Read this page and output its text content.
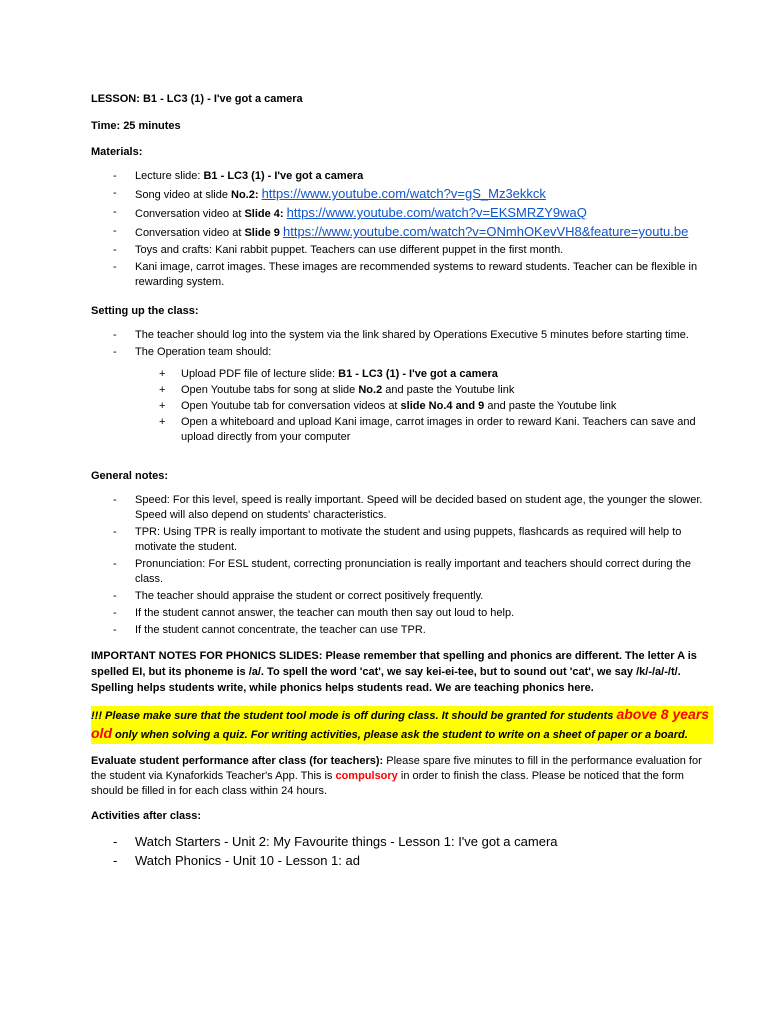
LESSON: B1 - LC3 (1) - I've got a camera

Time: 25 minutes

Materials:

- Lecture slide: B1 - LC3 (1) - I've got a camera
- Song video at slide No.2: https://www.youtube.com/watch?v=gS_Mz3ekkck
- Conversation video at Slide 4: https://www.youtube.com/watch?v=EKSMRZY9waQ
- Conversation video at Slide 9 https://www.youtube.com/watch?v=ONmhOKevVH8&feature=youtu.be
- Toys and crafts: Kani rabbit puppet. Teachers can use different puppet in the first month.
- Kani image, carrot images. These images are recommended systems to reward students. Teacher can be flexible in rewarding system.

Setting up the class:

- The teacher should log into the system via the link shared by Operations Executive 5 minutes before starting time.
- The Operation team should:
+ Upload PDF file of lecture slide: B1 - LC3 (1) - I've got a camera
+ Open Youtube tabs for song at slide No.2 and paste the Youtube link
+ Open Youtube tab for conversation videos at slide No.4 and 9 and paste the Youtube link
+ Open a whiteboard and upload Kani image, carrot images in order to reward Kani. Teachers can save and upload directly from your computer

General notes:

- Speed: For this level, speed is really important. Speed will be decided based on student age, the younger the slower. Speed will also depend on students' characteristics.
- TPR: Using TPR is really important to motivate the student and using puppets, flashcards as required will help to motivate the student.
- Pronunciation: For ESL student, correcting pronunciation is really important and teachers should correct during the class.
- The teacher should appraise the student or correct positively frequently.
- If the student cannot answer, the teacher can mouth then say out loud to help.
- If the student cannot concentrate, the teacher can use TPR.

IMPORTANT NOTES FOR PHONICS SLIDES: Please remember that spelling and phonics are different. The letter A is spelled EI, but its phoneme is /a/. To spell the word 'cat', we say kei-ei-tee, but to sound out 'cat', we say /k/-/a/-/t/. Spelling helps students write, while phonics helps students read. We are teaching phonics here.

!!! Please make sure that the student tool mode is off during class. It should be granted for students above 8 years old only when solving a quiz. For writing activities, please ask the student to write on a sheet of paper or a board.

Evaluate student performance after class (for teachers): Please spare five minutes to fill in the performance evaluation for the student via Kynaforkids Teacher's App. This is compulsory in order to finish the class. Please be noticed that the form should be filled in for each class within 24 hours.

Activities after class:

- Watch Starters - Unit 2: My Favourite things - Lesson 1: I've got a camera
- Watch Phonics - Unit 10 - Lesson 1: ad
